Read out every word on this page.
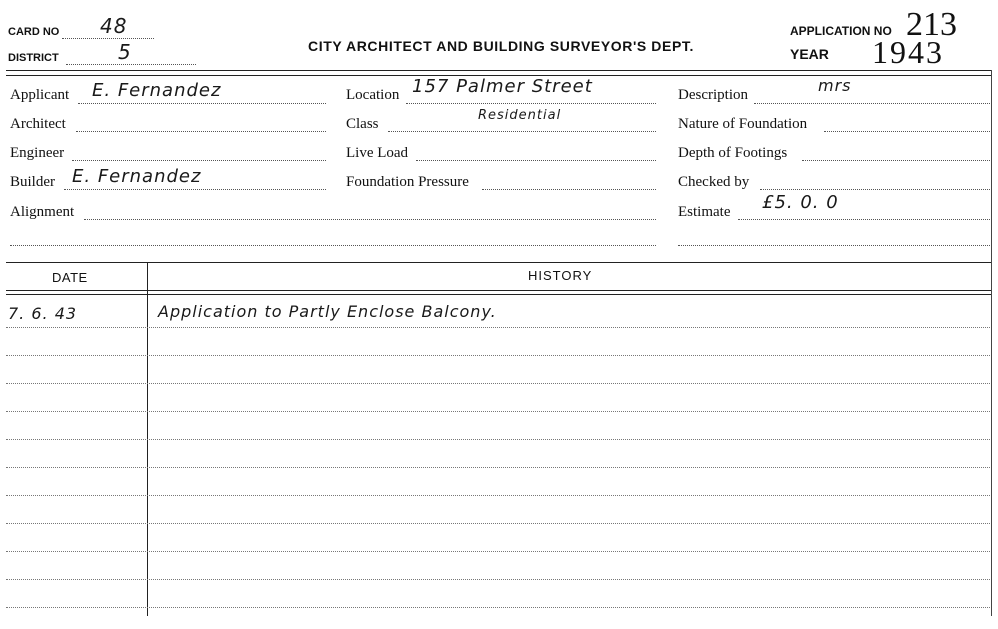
CARD NO 48
DISTRICT	5	CITY ARCHITECT AND BUILDING SURVEYOR'S DEPT.
APPLICATION NO 213
YEAR 1943
Applicant E. Fernandez
Architect
Engineer
Builder E. Fernandez
Alignment
Location 157 Palmer Street
Class
Residential
Live Load
Foundation Pressure
Description	mrs
Nature of Foundation
Depth of Footings
Checked by
Estimate £5. 0. 0
DATE	HISTORY
7. 6. 43	Application to Partly Enclose Balcony.
